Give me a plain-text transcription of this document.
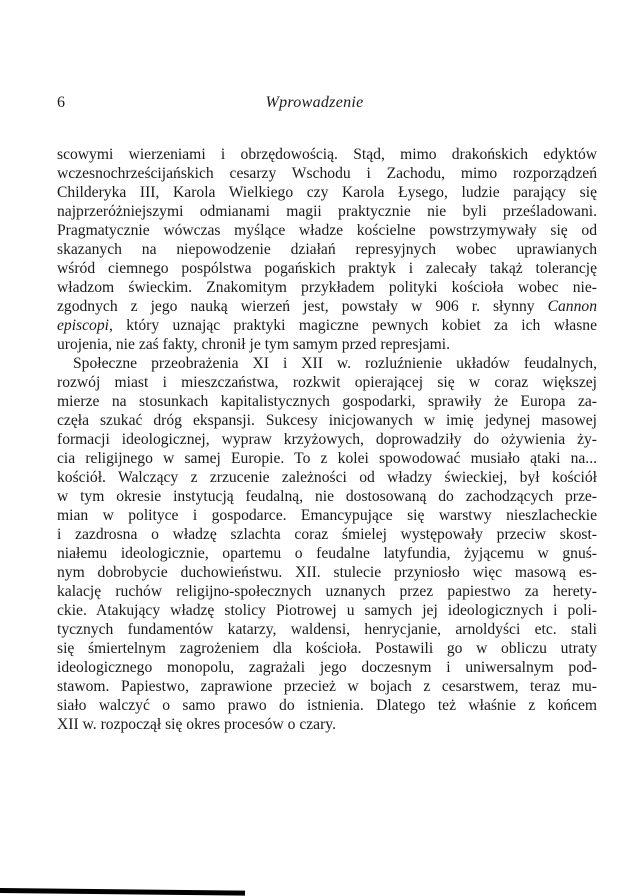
6	Wprowadzenie
scowymi wierzeniami i obrzędowością. Stąd, mimo drakońskich edyktów
wczesnochrześcijańskich cesarzy Wschodu i Zachodu, mimo rozporządzeń
Childeryka III, Karola Wielkiego czy Karola Łysego, ludzie parający się
najprzeróżniejszymi odmianami magii praktycznie nie byli prześladowani.
Pragmatycznie wówczas myślące władze kościelne powstrzymywały się od
skazanych na niepowodzenie działań represyjnych wobec uprawianych
wśród ciemnego pospólstwa pogańskich praktyk i zalecały takąż tolerancję
władzom świeckim. Znakomitym przykładem polityki kościoła wobec nie-
zgodnych z jego nauką wierzeń jest, powstały w 906 r. słynny Cannon
episcopi, który uznając praktyki magiczne pewnych kobiet za ich własne
urojenia, nie zaś fakty, chronił je tym samym przed represjami.
Społeczne przeobrażenia XI i XII w. rozluźnienie układów feudalnych,
rozwój miast i mieszczaństwa, rozkwit opierającej się w coraz większej
mierze na stosunkach kapitalistycznych gospodarki, sprawiły że Europa za-
częła szukać dróg ekspansji. Sukcesy inicjowanych w imię jedynej masowej
formacji ideologicznej, wypraw krzyżowych, doprowadziły do ożywienia ży-
cia religijnego w samej Europie. To z kolei spowodować musiało ątaki na...
kościół. Walczący z zrzucenie zależności od władzy świeckiej, był kościół
w tym okresie instytucją feudalną, nie dostosowaną do zachodzących prze-
mian w polityce i gospodarce. Emancypujące się warstwy nieszlacheckie
i zazdrosna o władzę szlachta coraz śmielej występowały przeciw skost-
niałemu ideologicznie, opartemu o feudalne latyfundia, żyjącemu w gnuś-
nym dobrobycie duchowieństwu. XII. stulecie przyniosło więc masową es-
kalację ruchów religijno-społecznych uznanych przez papiestwo za herety-
ckie. Atakujący władzę stolicy Piotrowej u samych jej ideologicznych i poli-
tycznych fundamentów katarzy, waldensi, henrycjanie, arnoldyści etc. stali
się śmiertelnym zagrożeniem dla kościoła. Postawili go w obliczu utraty
ideologicznego monopolu, zagrażali jego doczesnym i uniwersalnym pod-
stawom. Papiestwo, zaprawione przecież w bojach z cesarstwem, teraz mu-
siało walczyć o samo prawo do istnienia. Dlatego też właśnie z końcem
XII w. rozpoczął się okres procesów o czary.
